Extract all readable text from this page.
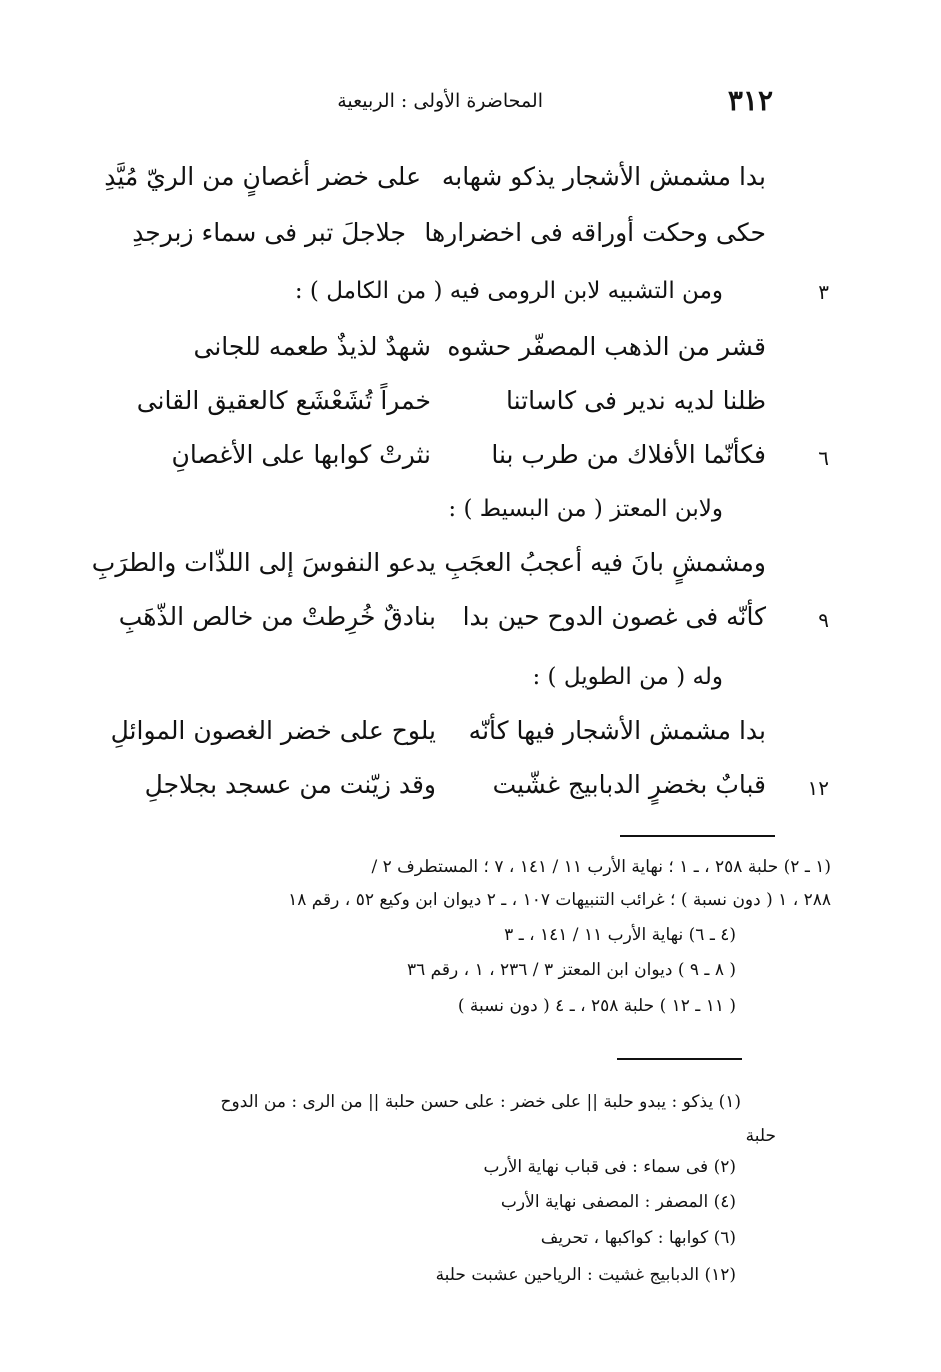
٣١٢
المحاضرة الأولى : الربيعية
بدا مشمش الأشجار يذكو شهابه
على خضر أغصانٍ من الريّ مُيَّدِ
حكى وحكت أوراقه فى اخضرارها
جلاجلَ تبر فى سماء زبرجدِ
٣
ومن التشبيه لابن الرومى فيه ( من الكامل ) :
قشر من الذهب المصفّر حشوه
شهدٌ لذيذٌ طعمه للجانى
ظلنا لديه ندير فى كاساتنا
خمراً تُشَعْشَع كالعقيق القانى
٦
فكأنّما الأفلاك من طرب بنا
نثرتْ كوابها على الأغصانِ
ولابن المعتز ( من البسيط ) :
ومشمشٍ بانَ فيه أعجبُ العجَبِ
يدعو النفوسَ إلى اللذّات والطرَبِ
٩
كأنّه فى غصون الدوح حين بدا
بنادقٌ خُرِطتْ من خالص الذّهَبِ
وله ( من الطويل ) :
بدا مشمش الأشجار فيها كأنّه
يلوح على خضر الغصون الموائلِ
١٢
قبابٌ بخضرٍ الدبابيج غشّيت
وقد زيّنت من عسجد بجلاجلِ
(١ ـ ٢) حلبة ٢٥٨ ، ـ ١ ؛ نهاية الأرب ١١ / ١٤١ ، ٧ ؛ المستطرف ٢ /
٢٨٨ ، ١ ( دون نسبة ) ؛ غرائب التنبيهات ١٠٧ ، ـ ٢ ديوان ابن وكيع ٥٢ ، رقم ١٨
(٤ ـ ٦) نهاية الأرب ١١ / ١٤١ ، ـ ٣
( ٨ ـ ٩ ) ديوان ابن المعتز ٣ / ٢٣٦ ، ١ ، رقم ٣٦
( ١١ ـ ١٢ ) حلبة ٢٥٨ ، ـ ٤ ( دون نسبة )
(١) يذكو : يبدو حلبة || على خضر : على حسن حلبة || من الرى : من الدوح
حلبة
(٢) فى سماء : فى قباب نهاية الأرب
(٤) المصفر : المصفى نهاية الأرب
(٦) كوابها : كواكبها ، تحريف
(١٢) الدبابيج غشيت : الرياحين عشبت حلبة
